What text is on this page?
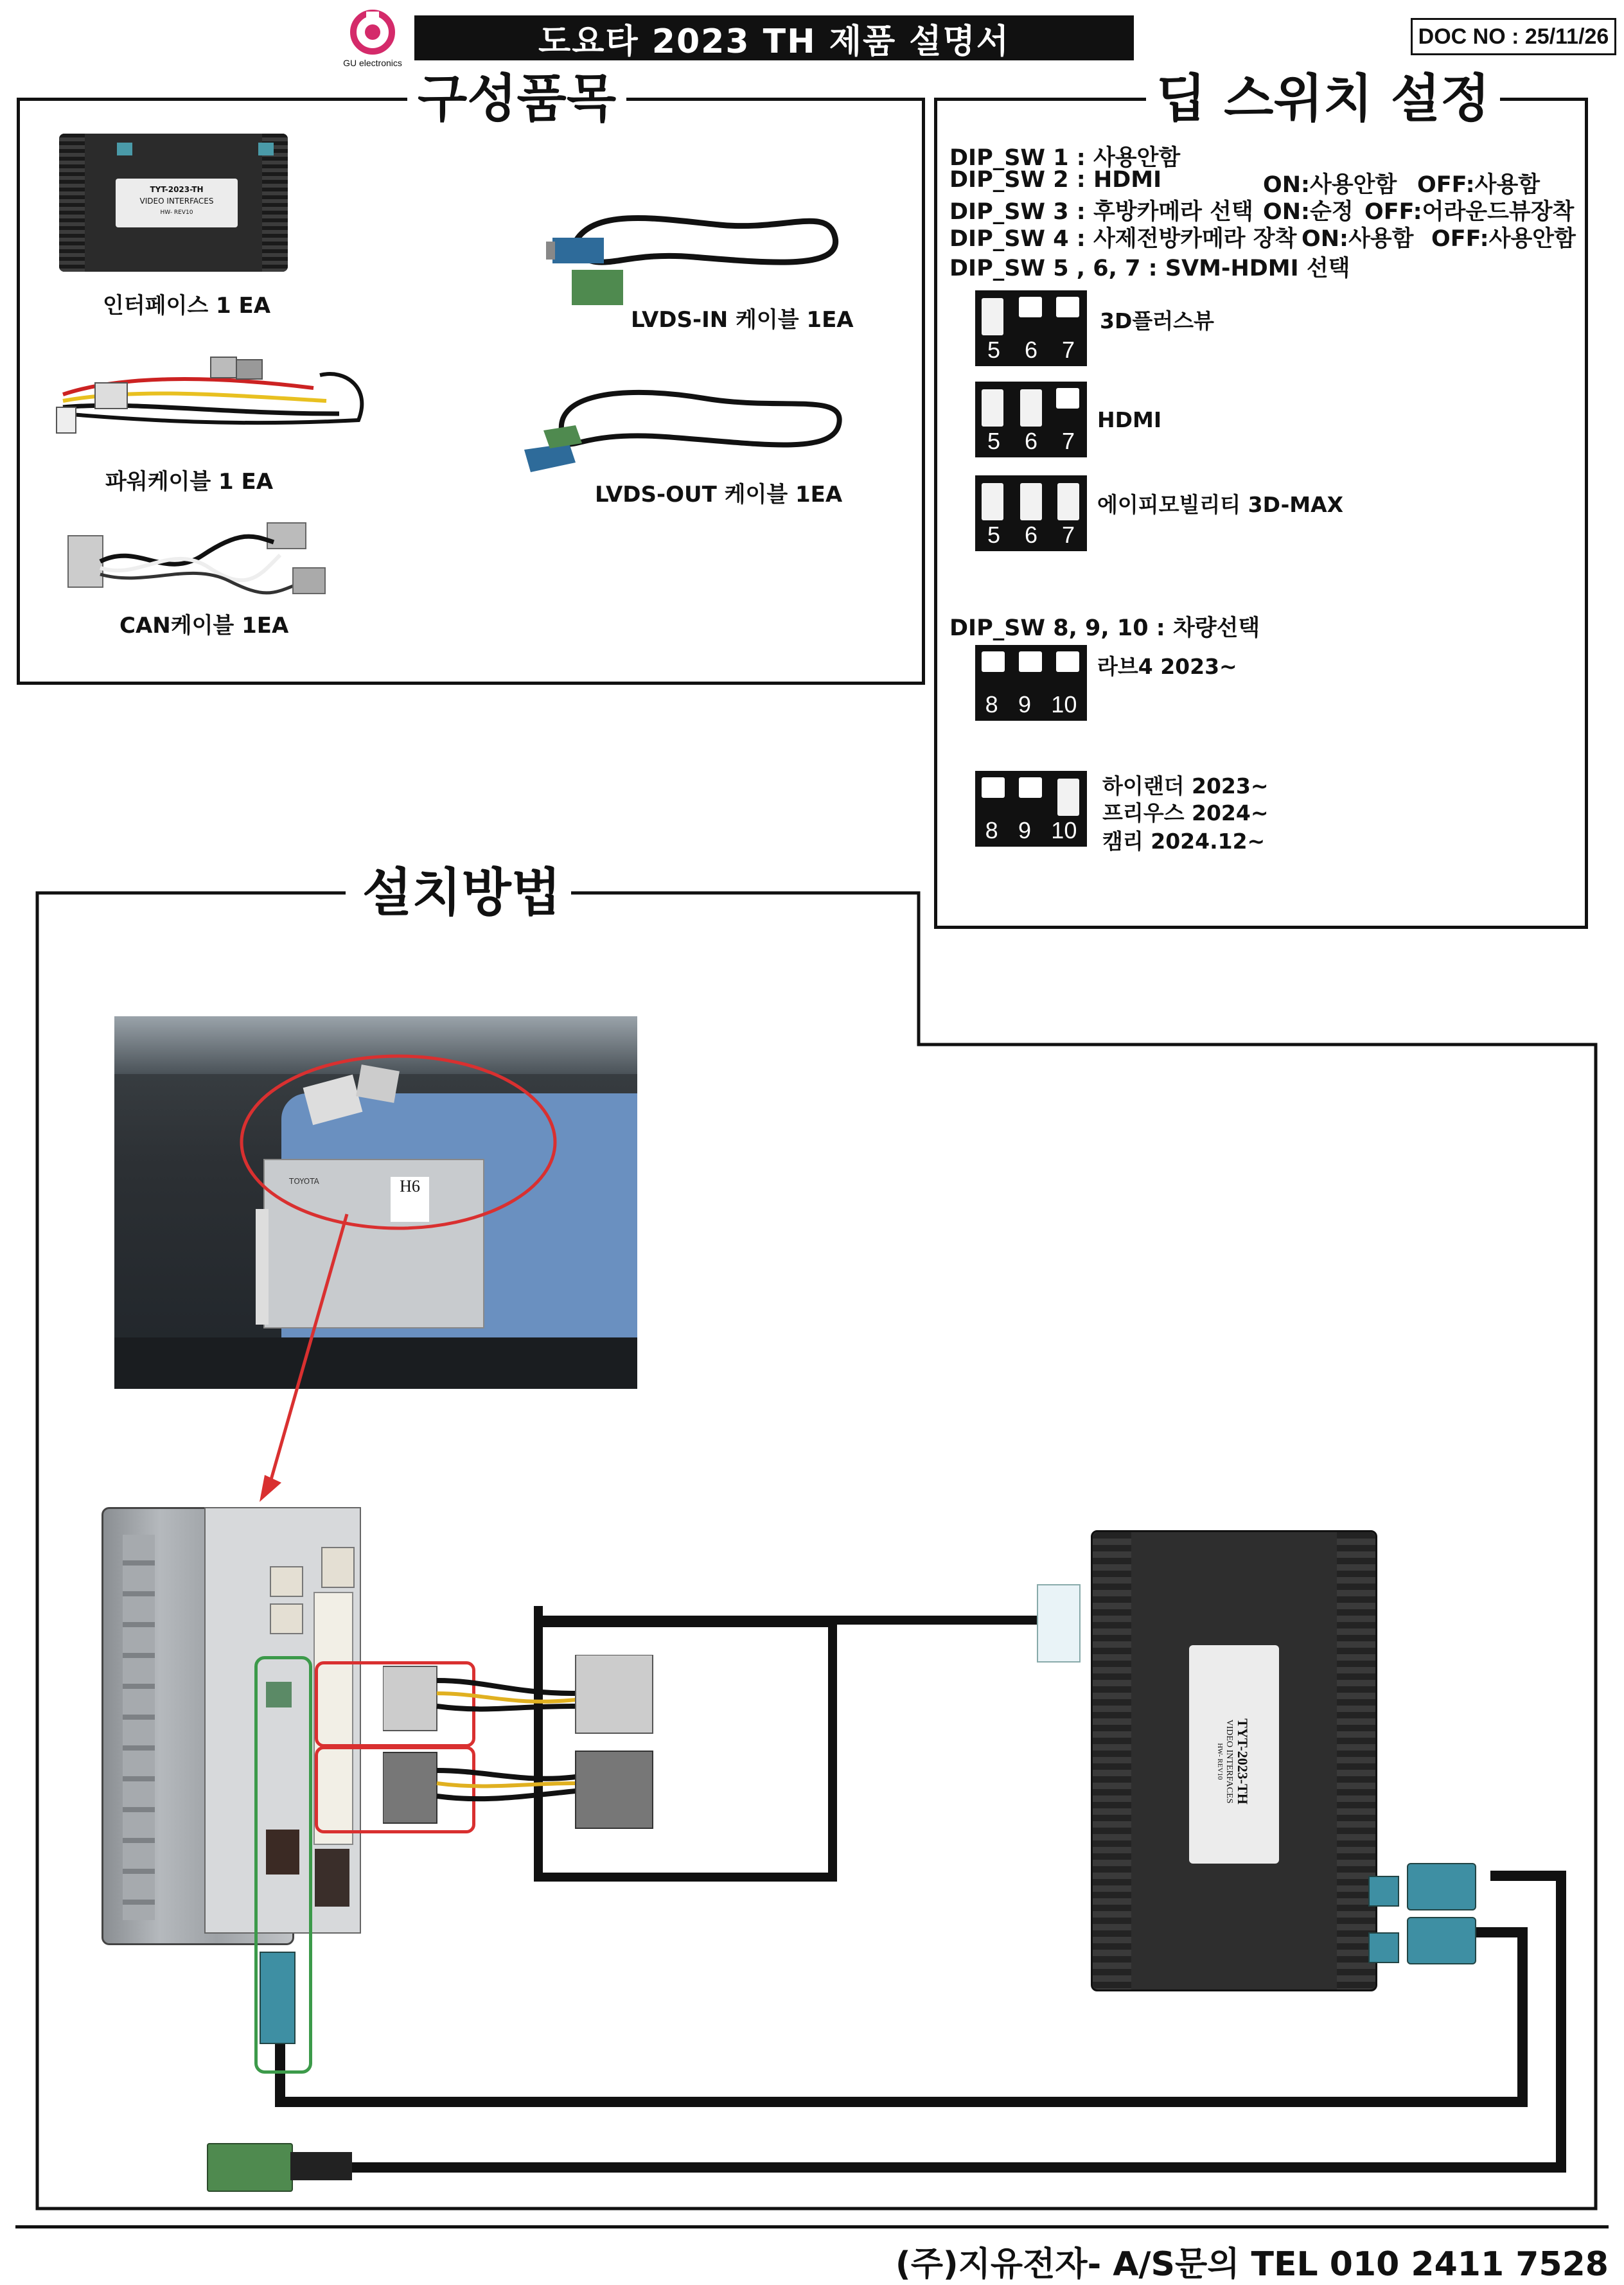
GU electronics
도요타 2023 TH 제품 설명서	DOC NO : 25/11/26
구성품목
TYT-2023-TH
VIDEO INTERFACES
HW- REV10
인터페이스 1 EA
LVDS-IN 케이블 1EA
파워케이블 1 EA	LVDS-OUT 케이블 1EA
CAN케이블 1EA
딥 스위치 설정
DIP_SW 1 : 사용안함
DIP_SW 2 : HDMI	ON:사용안함 OFF:사용함
DIP_SW 3 : 후방카메라 선택 ON:순정 OFF:어라운드뷰장착
DIP_SW 4 : 사제전방카메라 장착 ON:사용함 OFF:사용안함
DIP_SW 5 , 6, 7 : SVM-HDMI 선택
5 6 7
3D플러스뷰
5 6 7
HDMI
5 6 7
에이피모빌리티 3D-MAX
DIP_SW 8, 9, 10 : 차량선택
8 9 10
라브4 2023~
8 9 10
하이랜더 2023~
프리우스 2024~
캠리 2024.12~
설치방법
TOYOTA	H6
TYT-2023-TH
VIDEO INTERFACES
HW- REV10
(주)지유전자- A/S문의 TEL 010 2411 7528
